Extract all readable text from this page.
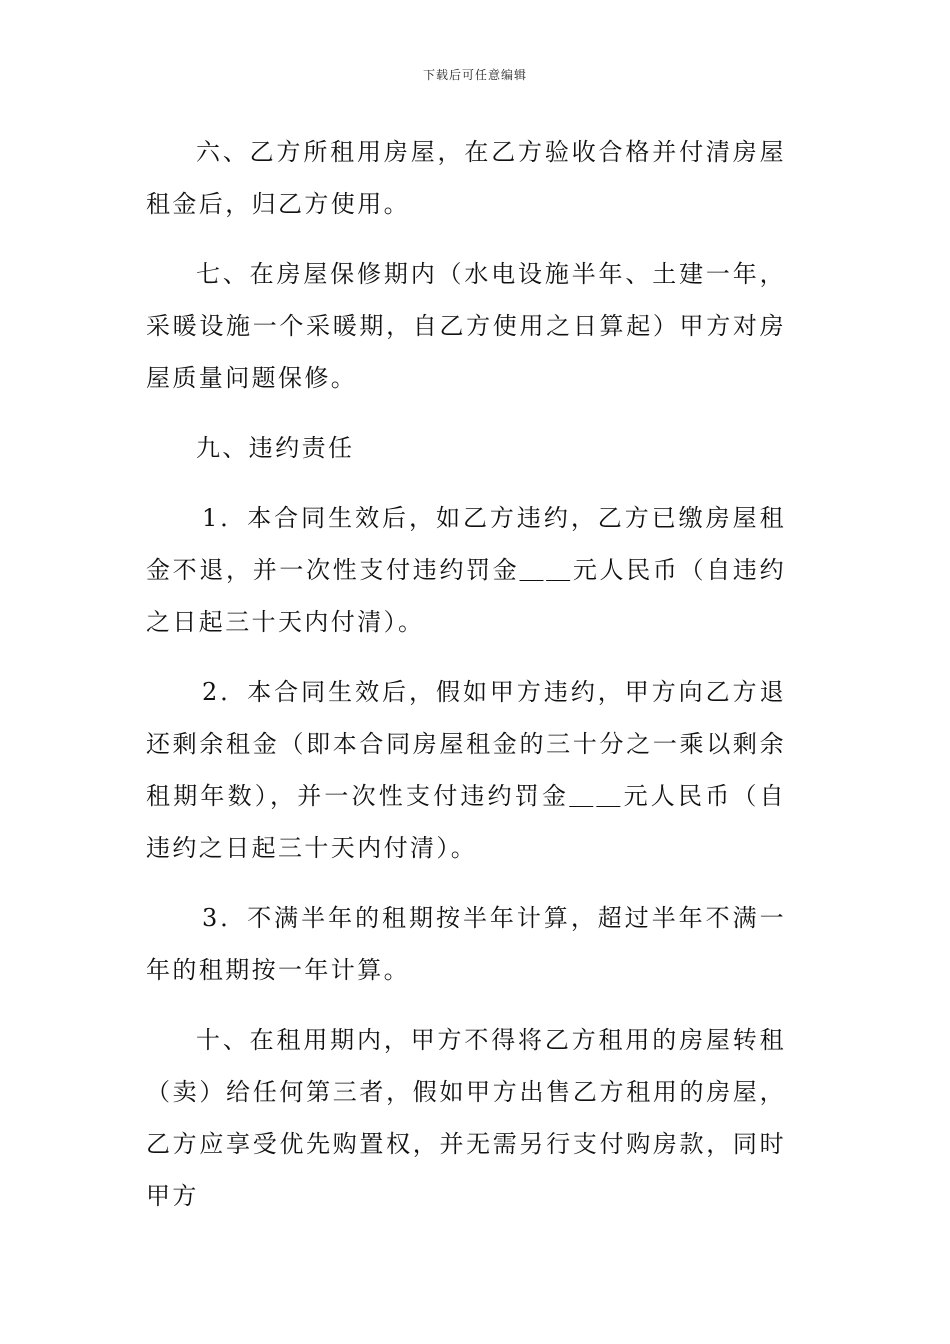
下载后可任意编辑

六、乙方所租用房屋，在乙方验收合格并付清房屋租金后，归乙方使用。

七、在房屋保修期内（水电设施半年、土建一年，采暖设施一个采暖期，自乙方使用之日算起）甲方对房屋质量问题保修。

九、违约责任

1．本合同生效后，如乙方违约，乙方已缴房屋租金不退，并一次性支付违约罚金＿＿元人民币（自违约之日起三十天内付清）。

2．本合同生效后，假如甲方违约，甲方向乙方退还剩余租金（即本合同房屋租金的三十分之一乘以剩余租期年数），并一次性支付违约罚金＿＿元人民币（自违约之日起三十天内付清）。

3．不满半年的租期按半年计算，超过半年不满一年的租期按一年计算。

十、在租用期内，甲方不得将乙方租用的房屋转租（卖）给任何第三者，假如甲方出售乙方租用的房屋，乙方应享受优先购置权，并无需另行支付购房款，同时甲方
